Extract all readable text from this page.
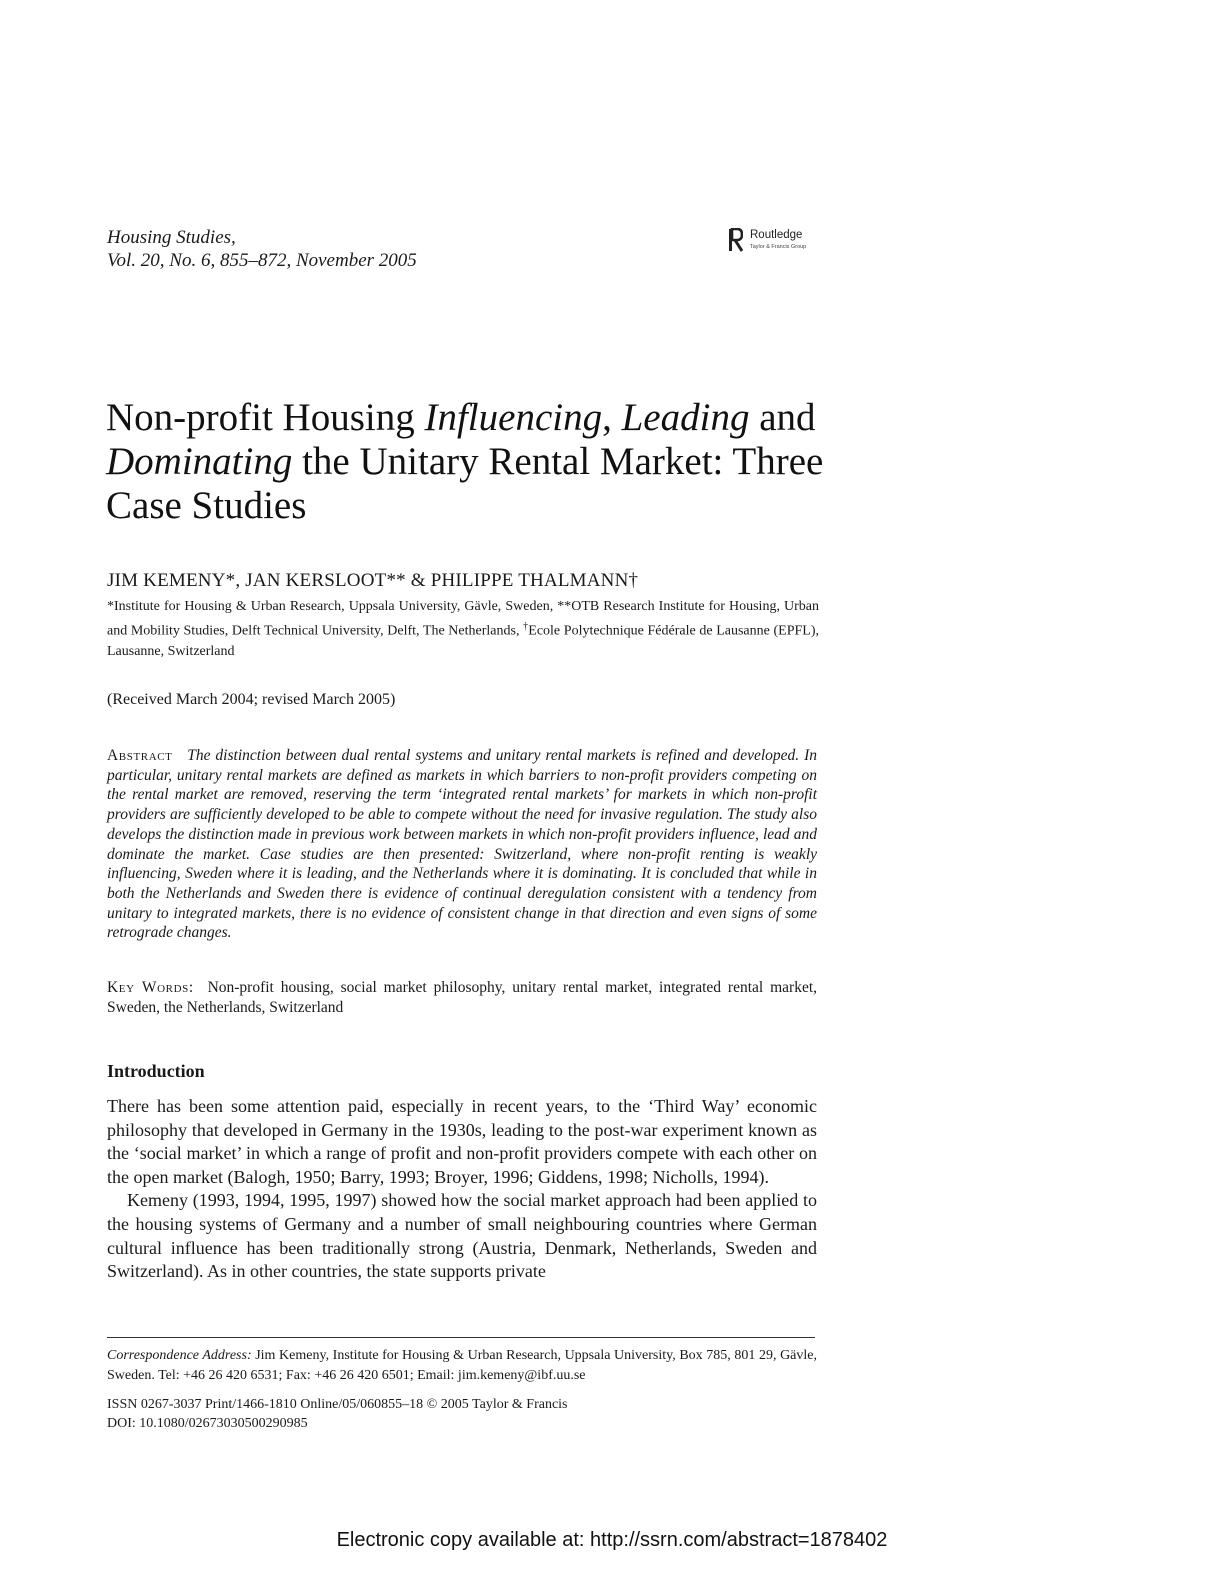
Housing Studies,
Vol. 20, No. 6, 855–872, November 2005
Routledge
Taylor & Francis Group
Non-profit Housing Influencing, Leading and Dominating the Unitary Rental Market: Three Case Studies
JIM KEMENY*, JAN KERSLOOT** & PHILIPPE THALMANN†
*Institute for Housing & Urban Research, Uppsala University, Gävle, Sweden, **OTB Research Institute for Housing, Urban and Mobility Studies, Delft Technical University, Delft, The Netherlands, †Ecole Polytechnique Fédérale de Lausanne (EPFL), Lausanne, Switzerland
(Received March 2004; revised March 2005)
Abstract The distinction between dual rental systems and unitary rental markets is refined and developed. In particular, unitary rental markets are defined as markets in which barriers to non-profit providers competing on the rental market are removed, reserving the term ‘integrated rental markets’ for markets in which non-profit providers are sufficiently developed to be able to compete without the need for invasive regulation. The study also develops the distinction made in previous work between markets in which non-profit providers influence, lead and dominate the market. Case studies are then presented: Switzerland, where non-profit renting is weakly influencing, Sweden where it is leading, and the Netherlands where it is dominating. It is concluded that while in both the Netherlands and Sweden there is evidence of continual deregulation consistent with a tendency from unitary to integrated markets, there is no evidence of consistent change in that direction and even signs of some retrograde changes.
Key Words: Non-profit housing, social market philosophy, unitary rental market, integrated rental market, Sweden, the Netherlands, Switzerland
Introduction

There has been some attention paid, especially in recent years, to the ‘Third Way’ economic philosophy that developed in Germany in the 1930s, leading to the post-war experiment known as the ‘social market’ in which a range of profit and non-profit providers compete with each other on the open market (Balogh, 1950; Barry, 1993; Broyer, 1996; Giddens, 1998; Nicholls, 1994).

Kemeny (1993, 1994, 1995, 1997) showed how the social market approach had been applied to the housing systems of Germany and a number of small neighbouring countries where German cultural influence has been traditionally strong (Austria, Denmark, Netherlands, Sweden and Switzerland). As in other countries, the state supports private

Correspondence Address: Jim Kemeny, Institute for Housing & Urban Research, Uppsala University, Box 785, 801 29, Gävle, Sweden. Tel: +46 26 420 6531; Fax: +46 26 420 6501; Email: jim.kemeny@ibf.uu.se
ISSN 0267-3037 Print/1466-1810 Online/05/060855–18 © 2005 Taylor & Francis
DOI: 10.1080/02673030500290985
Electronic copy available at: http://ssrn.com/abstract=1878402
